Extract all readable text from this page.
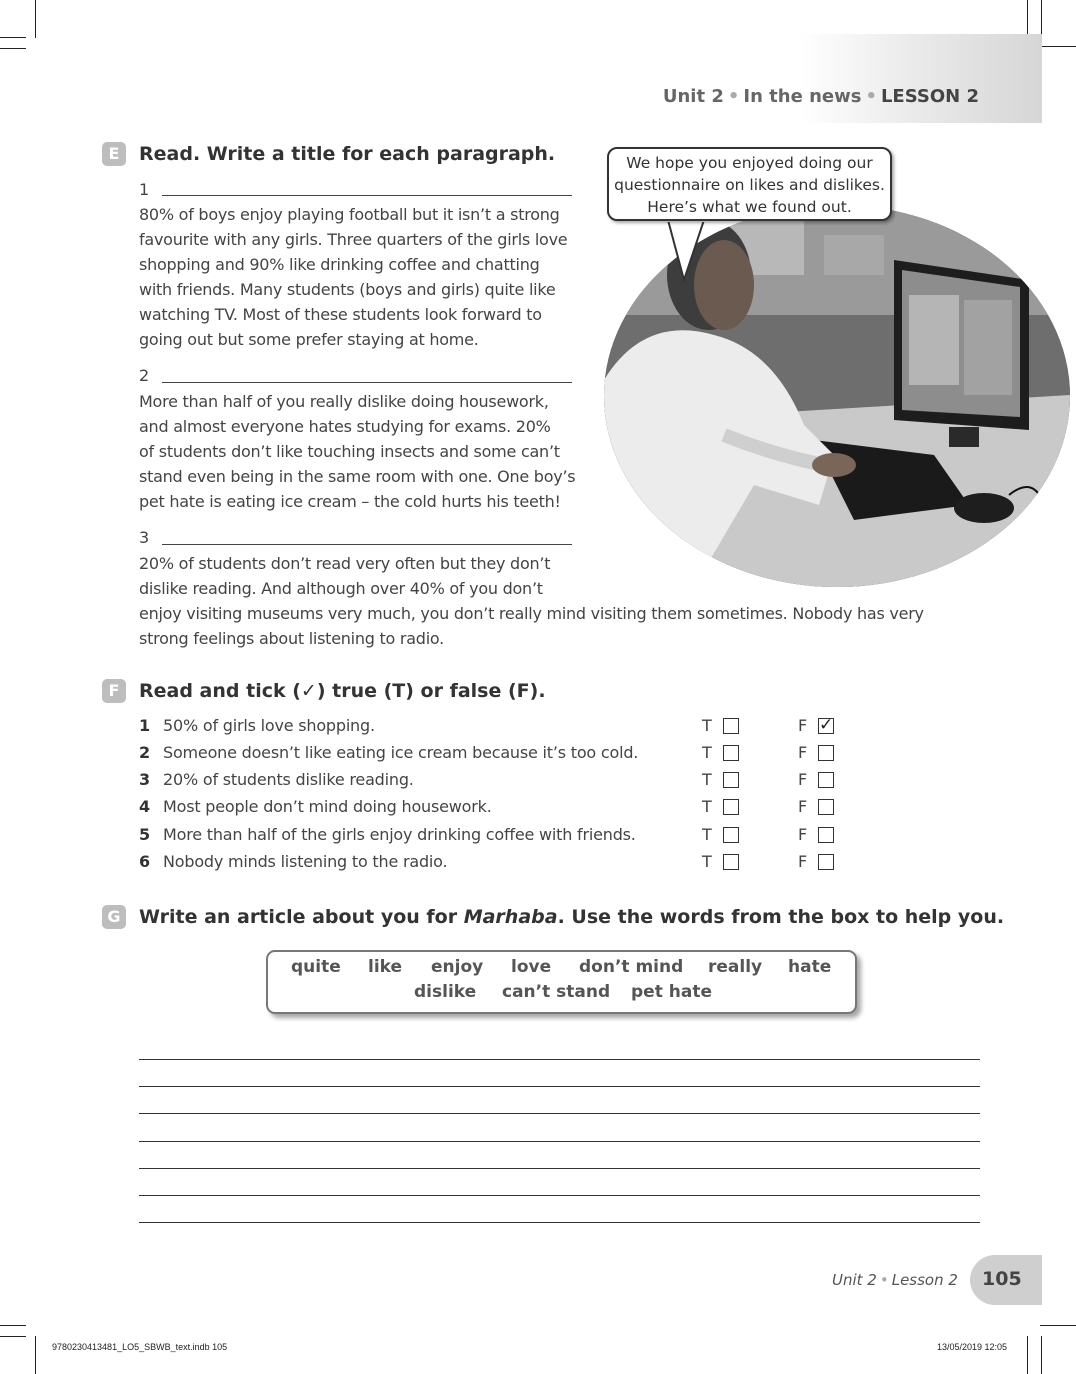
Unit 2 • In the news • LESSON 2
E	Read. Write a title for each paragraph.	We hope you enjoyed doing our
questionnaire on likes and dislikes.
Here’s what we found out.
1
80% of boys enjoy playing football but it isn’t a strong
favourite with any girls. Three quarters of the girls love
shopping and 90% like drinking coffee and chatting
with friends. Many students (boys and girls) quite like
watching TV. Most of these students look forward to
going out but some prefer staying at home.
2
More than half of you really dislike doing housework,
and almost everyone hates studying for exams. 20%
of students don’t like touching insects and some can’t
stand even being in the same room with one. One boy’s
pet hate is eating ice cream – the cold hurts his teeth!
3
20% of students don’t read very often but they don’t
dislike reading. And although over 40% of you don’t
enjoy visiting museums very much, you don’t really mind visiting them sometimes. Nobody has very
strong feelings about listening to radio.
F	Read and tick (✓) true (T) or false (F).
1 50% of girls love shopping.	T	F ✓
2 Someone doesn’t like eating ice cream because it’s too cold.	T	F
3 20% of students dislike reading.	T	F
4 Most people don’t mind doing housework.	T	F
5 More than half of the girls enjoy drinking coffee with friends.	T	F
6 Nobody minds listening to the radio.	T	F
G Write an article about you for Marhaba. Use the words from the box to help you.
quite like enjoy love don’t mind really hate
dislike can’t stand pet hate
Unit 2 • Lesson 2 105
9780230413481_LO5_SBWB_text.indb 105	13/05/2019 12:05
